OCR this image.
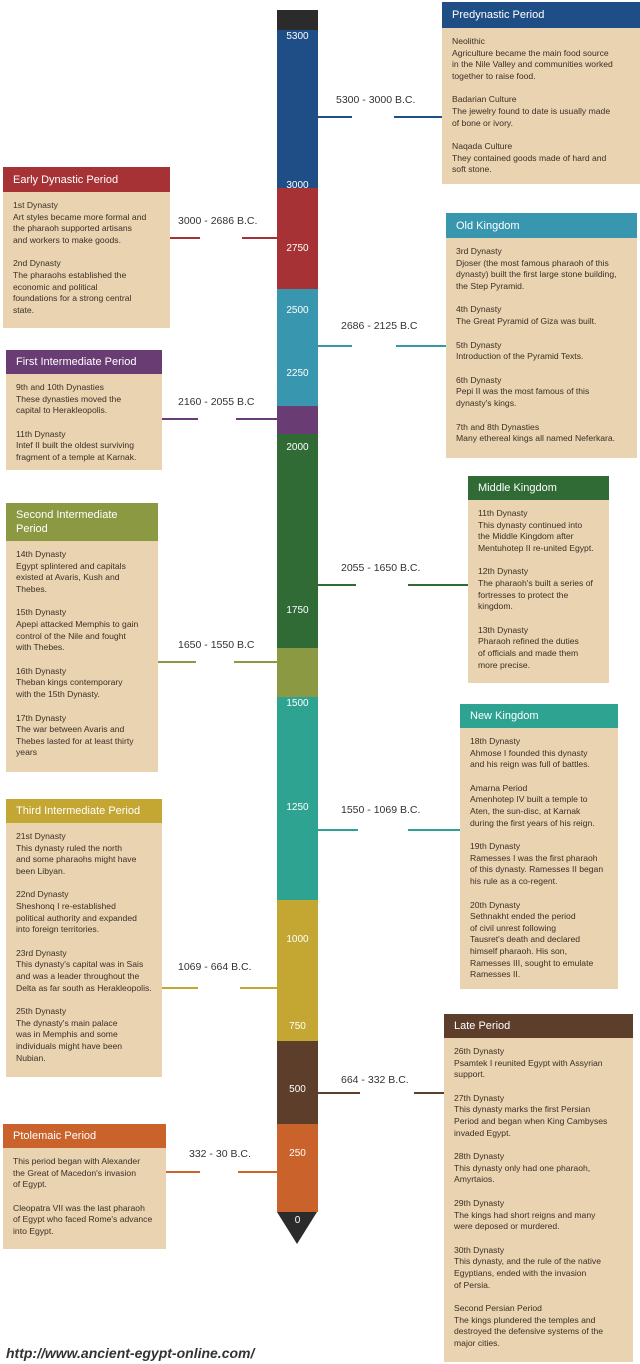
0
5300
3000
2750
2500
2250
2000
1750
1500
1250
1000
750
500
250
5300 - 3000 B.C.
3000 - 2686 B.C.
2686 - 2125 B.C
2160 - 2055 B.C
2055 - 1650 B.C.
1650 - 1550 B.C
1550 - 1069 B.C.
1069 - 664 B.C.
664 - 332 B.C.
332 - 30 B.C.
Predynastic Period
Neolithic
Agriculture became the main food source
in the Nile Valley and communities worked
together to raise food.
Badarian Culture
The jewelry found to date is usually made
of bone or ivory.
Naqada Culture
They contained goods made of hard and
soft stone.
Early Dynastic Period
1st Dynasty
Art styles became more formal and
the pharaoh supported artisans
and workers to make goods.
2nd Dynasty
The pharaohs established the
economic and political
foundations for a strong central
state.
Old Kingdom
3rd Dynasty
Djoser (the most famous pharaoh of this
dynasty) built the first large stone building,
the Step Pyramid.
4th Dynasty
The Great Pyramid of Giza was built.
5th Dynasty
Introduction of the Pyramid Texts.
6th Dynasty
Pepi II was the most famous of this
dynasty's kings.
7th and 8th Dynasties
Many ethereal kings all named Neferkara.
First Intermediate Period
9th and 10th Dynasties
These dynasties moved the
capital to Herakleopolis.
11th Dynasty
Intef II built the oldest surviving
fragment of a temple at Karnak.
Middle Kingdom
11th Dynasty
This dynasty continued into
the Middle Kingdom after
Mentuhotep II re-united Egypt.
12th Dynasty
The pharaoh's built a series of
fortresses to protect the
kingdom.
13th Dynasty
Pharaoh refined the duties
of officials and made them
more precise.
Second Intermediate
Period
14th Dynasty
Egypt splintered and capitals
existed at Avaris, Kush and
Thebes.
15th Dynasty
Apepi attacked Memphis to gain
control of the Nile and fought
with Thebes.
16th Dynasty
Theban kings contemporary
with the 15th Dynasty.
17th Dynasty
The war between Avaris and
Thebes lasted for at least thirty
years
New Kingdom
18th Dynasty
Ahmose I founded this dynasty
and his reign was full of battles.
Amarna Period
Amenhotep IV built a temple to
Aten, the sun-disc, at Karnak
during the first years of his reign.
19th Dynasty
Ramesses I was the first pharaoh
of this dynasty. Ramesses II began
his rule as a co-regent.
20th Dynasty
Sethnakht ended the period
of civil unrest following
Tausret's death and declared
himself pharaoh. His son,
Ramesses III, sought to emulate
Ramesses II.
Third Intermediate Period
21st Dynasty
This dynasty ruled the north
and some pharaohs might have
been Libyan.
22nd Dynasty
Sheshonq I re-established
political authority and expanded
into foreign territories.
23rd Dynasty
This dynasty's capital was in Sais
and was a leader throughout the
Delta as far south as Herakleopolis.
25th Dynasty
The dynasty's main palace
was in Memphis and some
individuals might have been
Nubian.
Late Period
26th Dynasty
Psamtek I reunited Egypt with Assyrian
support.
27th Dynasty
This dynasty marks the first Persian
Period and began when King Cambyses
invaded Egypt.
28th Dynasty
This dynasty only had one pharaoh,
Amyrtaios.
29th Dynasty
The kings had short reigns and many
were deposed or murdered.
30th Dynasty
This dynasty, and the rule of the native
Egyptians, ended with the invasion
of Persia.
Second Persian Period
The kings plundered the temples and
destroyed the defensive systems of the
major cities.
Ptolemaic Period
This period began with Alexander
the Great of Macedon's invasion
of Egypt.
Cleopatra VII was the last pharaoh
of Egypt who faced Rome's advance
into Egypt.
http://www.ancient-egypt-online.com/
